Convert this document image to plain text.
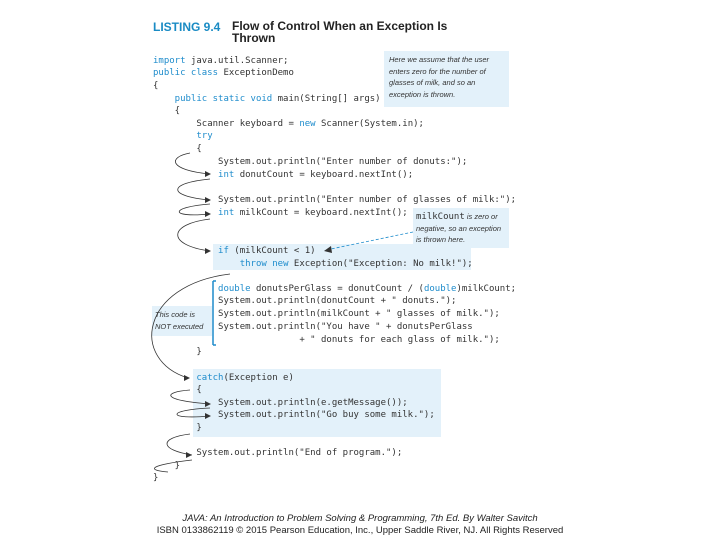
LISTING 9.4 Flow of Control When an Exception Is Thrown
Here we assume that the user enters zero for the number of glasses of milk, and so an exception is thrown.
milkCount is zero or negative, so an exception is thrown here.
This code is NOT executed
import java.util.Scanner;
public class ExceptionDemo
{
public static void main(String[] args)
{
Scanner keyboard = new Scanner(System.in);
try
{
System.out.println("Enter number of donuts:");
int donutCount = keyboard.nextInt();
System.out.println("Enter number of glasses of milk:");
int milkCount = keyboard.nextInt();
if (milkCount < 1)
throw new Exception("Exception: No milk!");
double donutsPerGlass = donutCount / (double)milkCount;
System.out.println(donutCount + " donuts.");
System.out.println(milkCount + " glasses of milk.");
System.out.println("You have " + donutsPerGlass
+ " donuts for each glass of milk.");
}
catch(Exception e)
{
System.out.println(e.getMessage());
System.out.println("Go buy some milk.");
}
System.out.println("End of program.");
}
}
JAVA: An Introduction to Problem Solving & Programming, 7th Ed. By Walter Savitch
ISBN 0133862119 © 2015 Pearson Education, Inc., Upper Saddle River, NJ. All Rights Reserved
